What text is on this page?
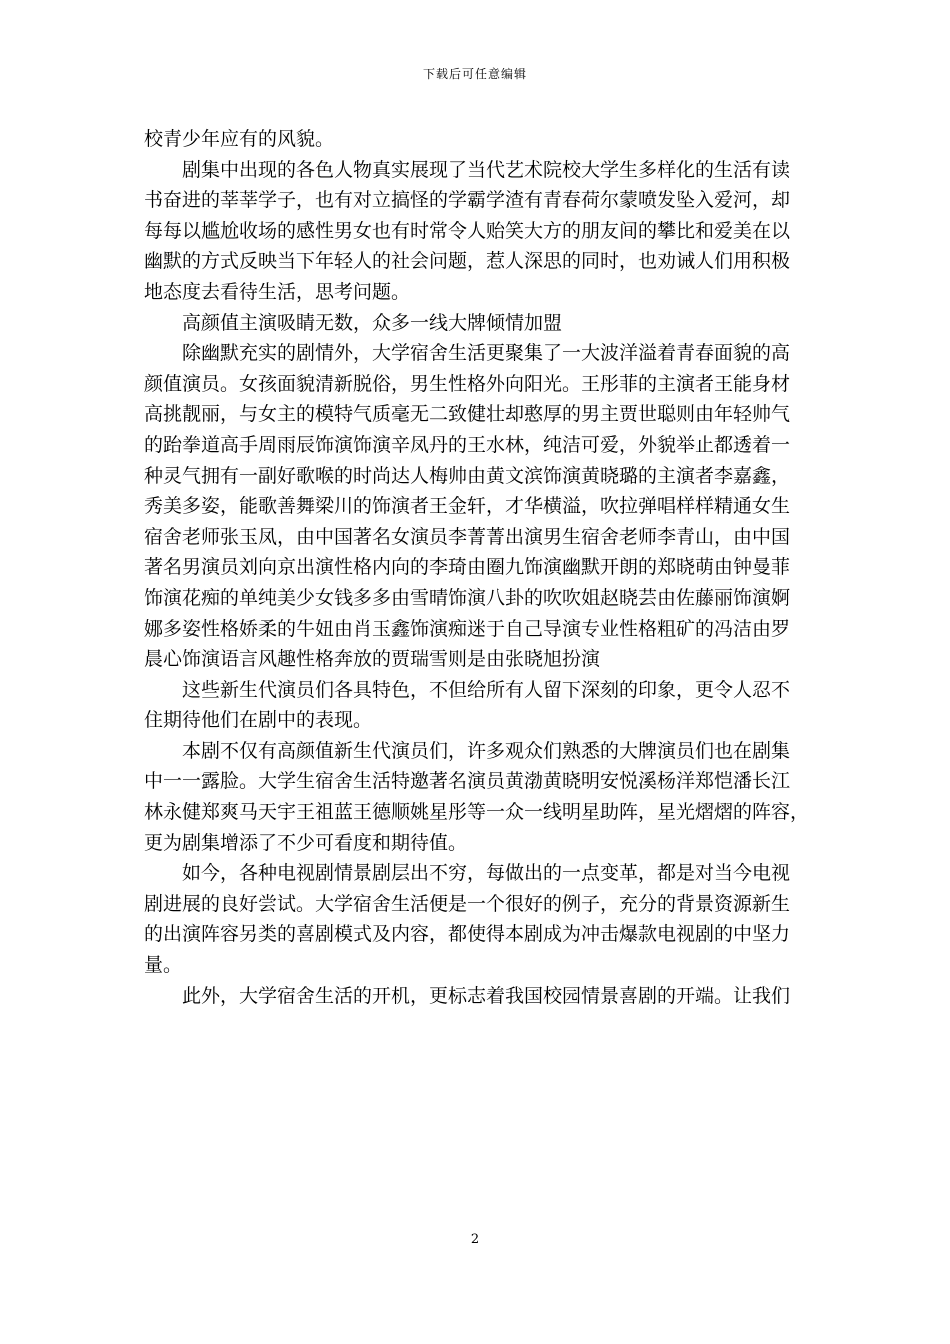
下载后可任意编辑
校青少年应有的风貌。
剧集中出现的各色人物真实展现了当代艺术院校大学生多样化的生活有读
书奋进的莘莘学子，也有对立搞怪的学霸学渣有青春荷尔蒙喷发坠入爱河，却
每每以尴尬收场的感性男女也有时常令人贻笑大方的朋友间的攀比和爱美在以
幽默的方式反映当下年轻人的社会问题，惹人深思的同时，也劝诫人们用积极
地态度去看待生活，思考问题。
高颜值主演吸睛无数，众多一线大牌倾情加盟
除幽默充实的剧情外，大学宿舍生活更聚集了一大波洋溢着青春面貌的高
颜值演员。女孩面貌清新脱俗，男生性格外向阳光。王彤菲的主演者王能身材
高挑靓丽，与女主的模特气质毫无二致健壮却憨厚的男主贾世聪则由年轻帅气
的跆拳道高手周雨辰饰演饰演辛凤丹的王水林，纯洁可爱，外貌举止都透着一
种灵气拥有一副好歌喉的时尚达人梅帅由黄文滨饰演黄晓璐的主演者李嘉鑫，
秀美多姿，能歌善舞梁川的饰演者王金轩，才华横溢，吹拉弹唱样样精通女生
宿舍老师张玉凤，由中国著名女演员李菁菁出演男生宿舍老师李青山，由中国
著名男演员刘向京出演性格内向的李琦由圈九饰演幽默开朗的郑晓萌由钟曼菲
饰演花痴的单纯美少女钱多多由雪晴饰演八卦的吹吹姐赵晓芸由佐藤丽饰演婀
娜多姿性格娇柔的牛妞由肖玉鑫饰演痴迷于自己导演专业性格粗矿的冯洁由罗
晨心饰演语言风趣性格奔放的贾瑞雪则是由张晓旭扮演
这些新生代演员们各具特色，不但给所有人留下深刻的印象，更令人忍不
住期待他们在剧中的表现。
本剧不仅有高颜值新生代演员们，许多观众们熟悉的大牌演员们也在剧集
中一一露脸。大学生宿舍生活特邀著名演员黄渤黄晓明安悦溪杨洋郑恺潘长江
林永健郑爽马天宇王祖蓝王德顺姚星彤等一众一线明星助阵，星光熠熠的阵容，
更为剧集增添了不少可看度和期待值。
如今，各种电视剧情景剧层出不穷，每做出的一点变革，都是对当今电视
剧进展的良好尝试。大学宿舍生活便是一个很好的例子，充分的背景资源新生
的出演阵容另类的喜剧模式及内容，都使得本剧成为冲击爆款电视剧的中坚力
量。
此外，大学宿舍生活的开机，更标志着我国校园情景喜剧的开端。让我们
2
